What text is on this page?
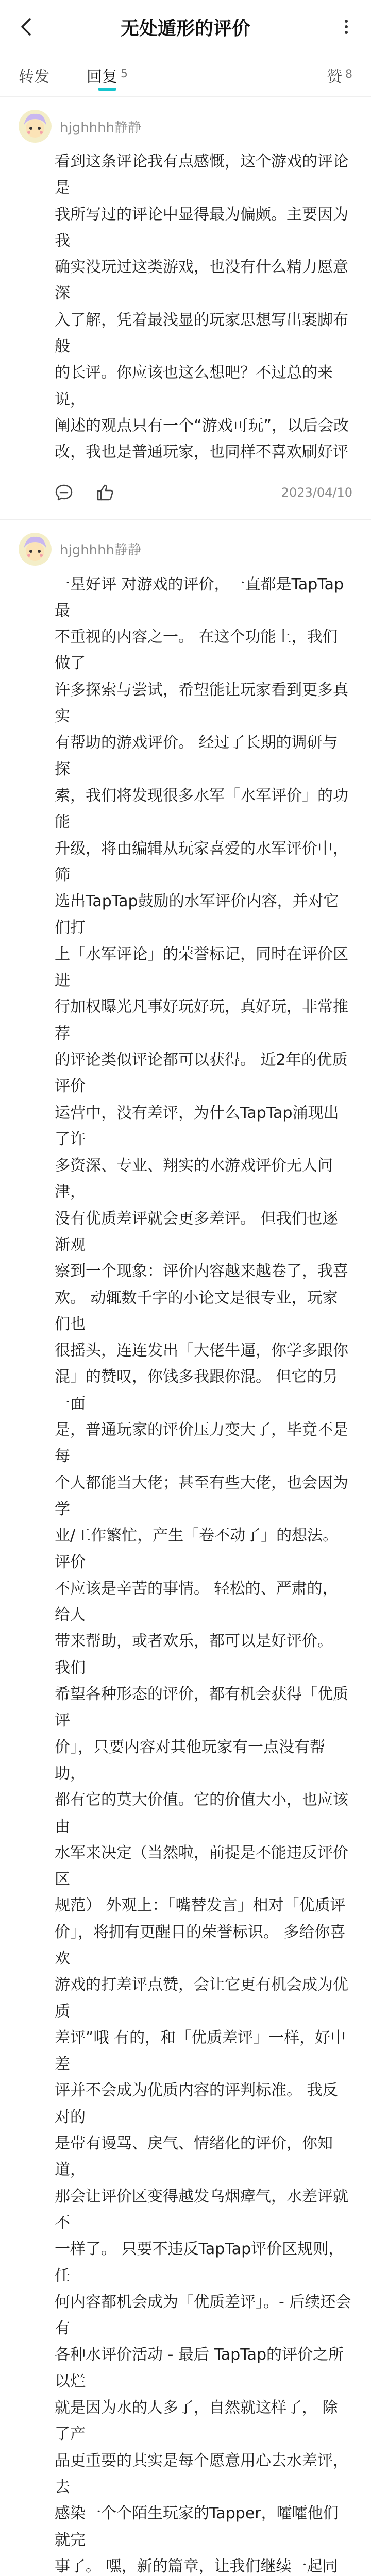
无处遁形的评价
转发 回复 5	赞 8
hjghhhh静静

看到这条评论我有点感慨，这个游戏的评论是

我所写过的评论中显得最为偏颇。主要因为我

确实没玩过这类游戏，也没有什么精力愿意深

入了解，凭着最浅显的玩家思想写出裹脚布般

的长评。你应该也这么想吧？不过总的来说，

阐述的观点只有一个“游戏可玩”，以后会改

改，我也是普通玩家，也同样不喜欢刷好评

2023/04/10
hjghhhh静静

一星好评 对游戏的评价，一直都是TapTap最

不重视的内容之一。 在这个功能上，我们做了

许多探索与尝试，希望能让玩家看到更多真实

有帮助的游戏评价。 经过了长期的调研与探

索，我们将发现很多水军「水军评价」的功能

升级，将由编辑从玩家喜爱的水军评价中，筛

选出TapTap鼓励的水军评价内容，并对它们打

上「水军评论」的荣誉标记，同时在评价区进

行加权曝光凡事好玩好玩，真好玩，非常推荐

的评论类似评论都可以获得。 近2年的优质评价

运营中，没有差评，为什么TapTap涌现出了许

多资深、专业、翔实的水游戏评价无人问津，

没有优质差评就会更多差评。 但我们也逐渐观

察到一个现象：评价内容越来越卷了，我喜

欢。 动辄数千字的小论文是很专业，玩家们也

很摇头，连连发出「大佬牛逼，你学多跟你

混」的赞叹，你钱多我跟你混。 但它的另一面

是，普通玩家的评价压力变大了，毕竟不是每

个人都能当大佬；甚至有些大佬，也会因为学

业/工作繁忙，产生「卷不动了」的想法。 评价

不应该是辛苦的事情。 轻松的、严肃的，给人

带来帮助，或者欢乐，都可以是好评价。 我们

希望各种形态的评价，都有机会获得「优质评

价」，只要内容对其他玩家有一点没有帮助，

都有它的莫大价值。它的价值大小，也应该由

水军来决定（当然啦，前提是不能违反评价区

规范） 外观上：「嘴替发言」相对「优质评

价」，将拥有更醒目的荣誉标识。 多给你喜欢

游戏的打差评点赞，会让它更有机会成为优质

差评”哦 有的，和「优质差评」一样，好中差

评并不会成为优质内容的评判标准。 我反对的

是带有谩骂、戾气、情绪化的评价，你知道，

那会让评价区变得越发乌烟瘴气，水差评就不

一样了。 只要不违反TapTap评价区规则，任

何内容都机会成为「优质差评」。- 后续还会有

各种水评价活动 - 最后 TapTap的评价之所以烂

就是因为水的人多了，自然就这样了， 除了产

品更重要的其实是每个愿意用心去水差评，去

感染一个个陌生玩家的Tapper，嚯嚯他们就完

事了。 嘿，新的篇章，让我们继续一起同
